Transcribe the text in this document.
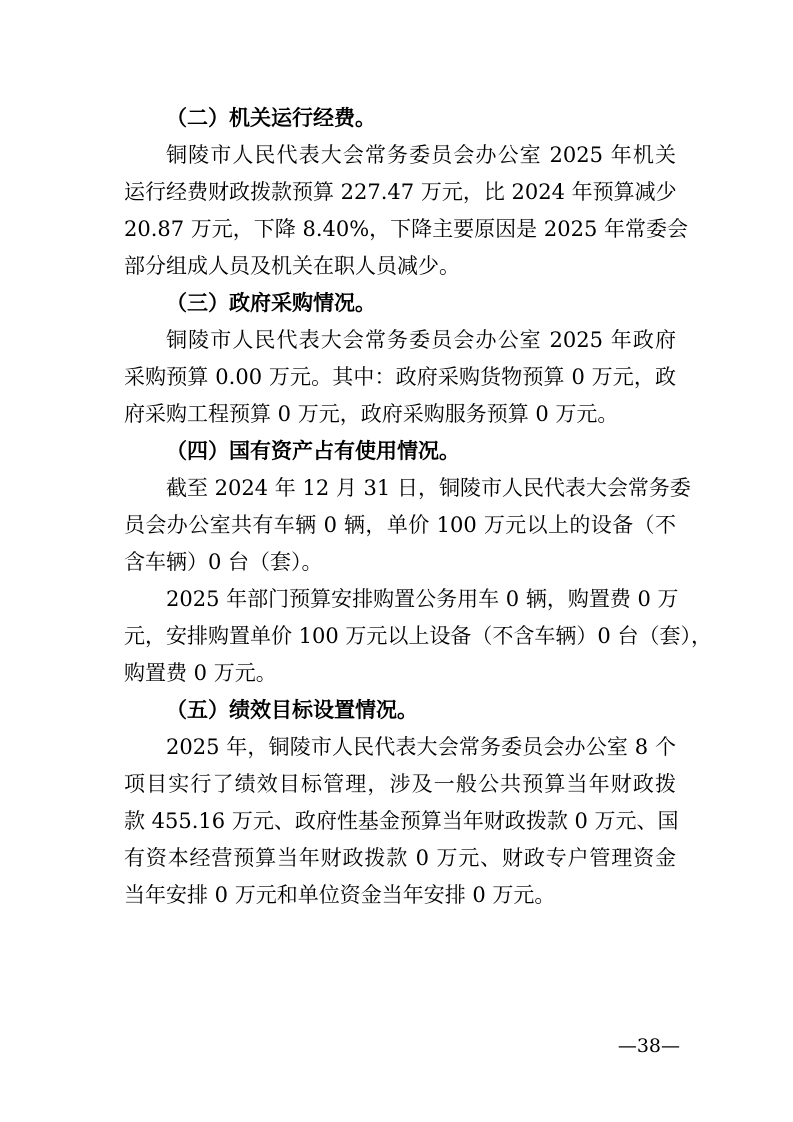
（二）机关运行经费。
铜陵市人民代表大会常务委员会办公室 2025 年机关
运行经费财政拨款预算 227.47 万元，比 2024 年预算减少
20.87 万元，下降 8.40%，下降主要原因是 2025 年常委会
部分组成人员及机关在职人员减少。
（三）政府采购情况。
铜陵市人民代表大会常务委员会办公室 2025 年政府
采购预算 0.00 万元。其中：政府采购货物预算 0 万元，政
府采购工程预算 0 万元，政府采购服务预算 0 万元。
（四）国有资产占有使用情况。
截至 2024 年 12 月 31 日，铜陵市人民代表大会常务委
员会办公室共有车辆 0 辆，单价 100 万元以上的设备（不
含车辆）0 台（套）。
2025 年部门预算安排购置公务用车 0 辆，购置费 0 万
元，安排购置单价 100 万元以上设备（不含车辆）0 台（套），
购置费 0 万元。
（五）绩效目标设置情况。
2025 年，铜陵市人民代表大会常务委员会办公室 8 个
项目实行了绩效目标管理，涉及一般公共预算当年财政拨
款 455.16 万元、政府性基金预算当年财政拨款 0 万元、国
有资本经营预算当年财政拨款 0 万元、财政专户管理资金
当年安排 0 万元和单位资金当年安排 0 万元。
—38—
